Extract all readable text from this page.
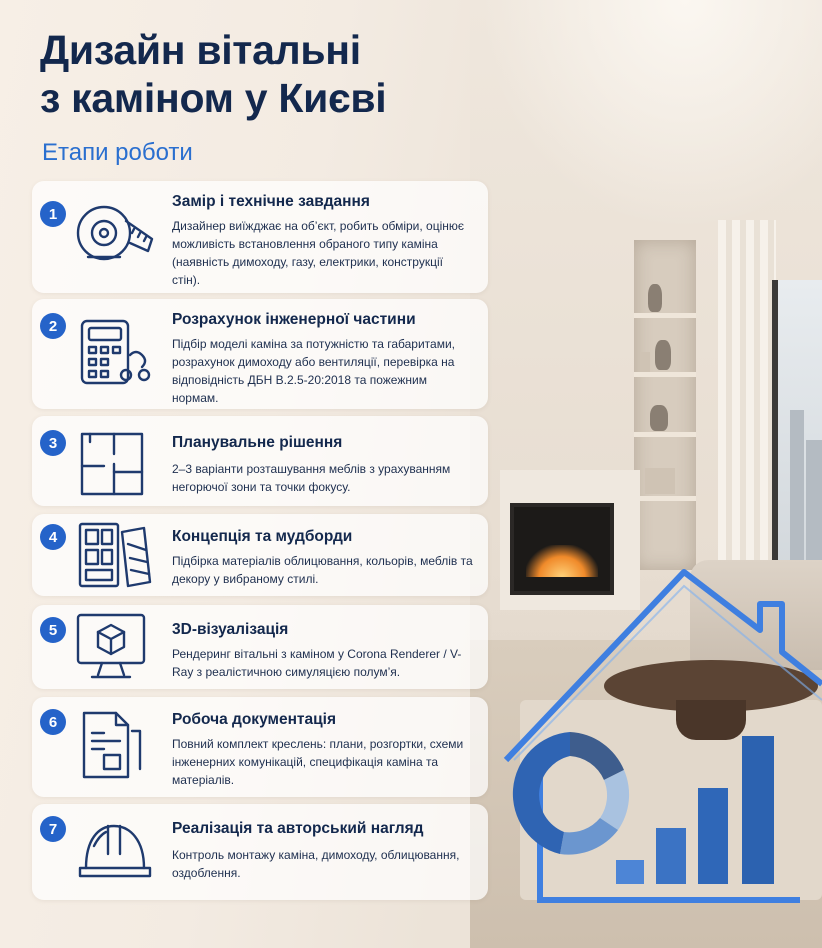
Дизайн вітальні
з каміном у Києві
Етапи роботи
1
Замір і технічне завдання
Дизайнер виїжджає на об’єкт, робить обміри, оцінює можливість встановлення обраного типу каміна (наявність димоходу, газу, електрики, конструкції стін).
2	Розрахунок інженерної частини
Підбір моделі каміна за потужністю та габаритами, розрахунок димоходу або вентиляції, перевірка на відповідність ДБН В.2.5-20:2018 та пожежним нормам.
3	Планувальне рішення
2–3 варіанти розташування меблів з урахуванням негорючої зони та точки фокусу.
4	Концепція та мудборди
Підбірка матеріалів облицювання, кольорів, меблів та декору у вибраному стилі.
5	3D-візуалізація
Рендеринг вітальні з каміном у Corona Renderer / V-Ray з реалістичною симуляцією полум’я.
6	Робоча документація
Повний комплект креслень: плани, розгортки, схеми інженерних комунікацій, специфікація каміна та матеріалів.
7	Реалізація та авторський нагляд
Контроль монтажу каміна, димоходу, облицювання, оздоблення.
